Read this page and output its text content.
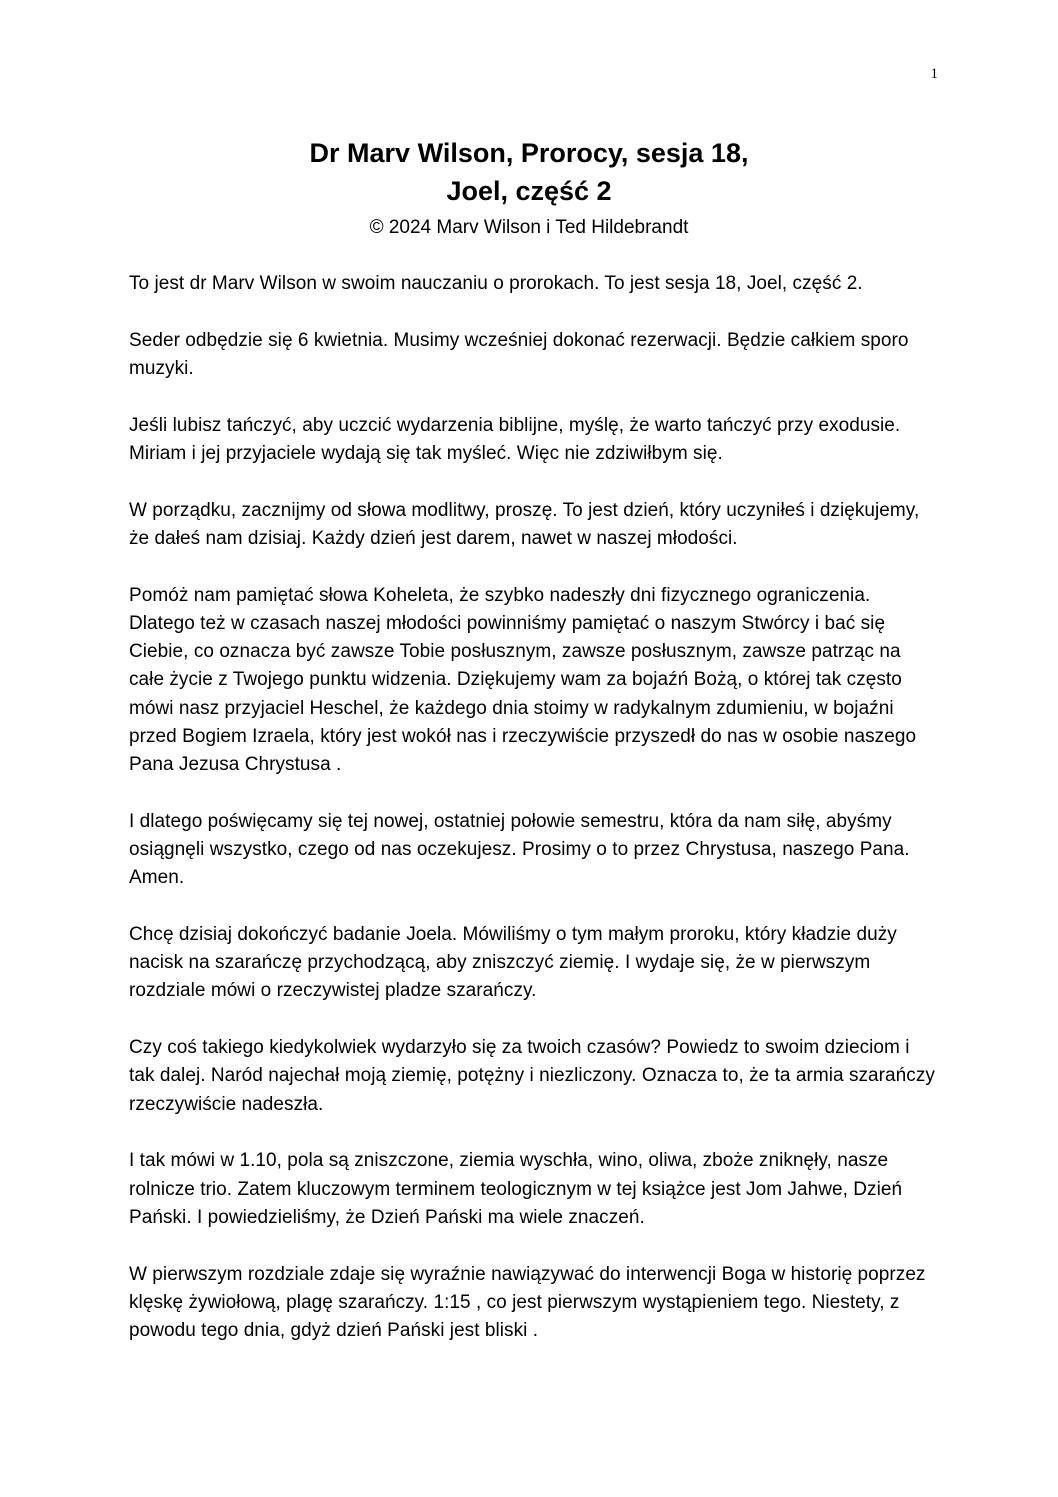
1

Dr Marv Wilson, Prorocy, sesja 18,

Joel, część 2

© 2024 Marv Wilson i Ted Hildebrandt

To jest dr Marv Wilson w swoim nauczaniu o prorokach. To jest sesja 18, Joel, część 2.

Seder odbędzie się 6 kwietnia. Musimy wcześniej dokonać rezerwacji. Będzie całkiem sporo muzyki.

Jeśli lubisz tańczyć, aby uczcić wydarzenia biblijne, myślę, że warto tańczyć przy exodusie. Miriam i jej przyjaciele wydają się tak myśleć. Więc nie zdziwiłbym się.

W porządku, zacznijmy od słowa modlitwy, proszę. To jest dzień, który uczyniłeś i dziękujemy, że dałeś nam dzisiaj. Każdy dzień jest darem, nawet w naszej młodości.

Pomóż nam pamiętać słowa Koheleta, że szybko nadeszły dni fizycznego ograniczenia. Dlatego też w czasach naszej młodości powinniśmy pamiętać o naszym Stwórcy i bać się Ciebie, co oznacza być zawsze Tobie posłusznym, zawsze posłusznym, zawsze patrząc na całe życie z Twojego punktu widzenia. Dziękujemy wam za bojaźń Bożą, o której tak często mówi nasz przyjaciel Heschel, że każdego dnia stoimy w radykalnym zdumieniu, w bojaźni przed Bogiem Izraela, który jest wokół nas i rzeczywiście przyszedł do nas w osobie naszego Pana Jezusa Chrystusa .

I dlatego poświęcamy się tej nowej, ostatniej połowie semestru, która da nam siłę, abyśmy osiągnęli wszystko, czego od nas oczekujesz. Prosimy o to przez Chrystusa, naszego Pana. Amen.

Chcę dzisiaj dokończyć badanie Joela. Mówiliśmy o tym małym proroku, który kładzie duży nacisk na szarańczę przychodzącą, aby zniszczyć ziemię. I wydaje się, że w pierwszym rozdziale mówi o rzeczywistej pladze szarańczy.

Czy coś takiego kiedykolwiek wydarzyło się za twoich czasów? Powiedz to swoim dzieciom i tak dalej. Naród najechał moją ziemię, potężny i niezliczony. Oznacza to, że ta armia szarańczy rzeczywiście nadeszła.

I tak mówi w 1.10, pola są zniszczone, ziemia wyschła, wino, oliwa, zboże zniknęły, nasze rolnicze trio. Zatem kluczowym terminem teologicznym w tej książce jest Jom Jahwe, Dzień Pański. I powiedzieliśmy, że Dzień Pański ma wiele znaczeń.

W pierwszym rozdziale zdaje się wyraźnie nawiązywać do interwencji Boga w historię poprzez klęskę żywiołową, plagę szarańczy. 1:15 , co jest pierwszym wystąpieniem tego. Niestety, z powodu tego dnia, gdyż dzień Pański jest bliski .
